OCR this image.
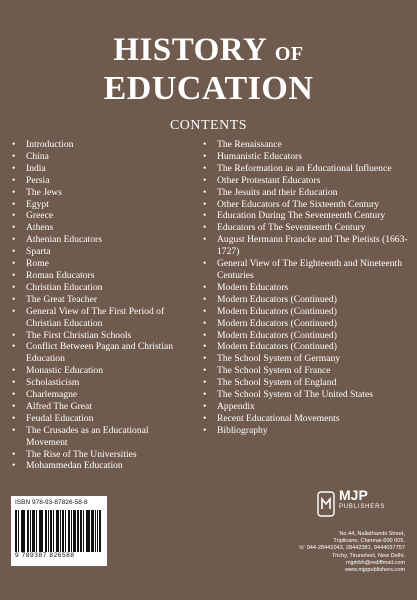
HISTORY OF
EDUCATION
CONTENTS
• Introduction
• China
• India
• Persia
• The Jews
• Egypt
• Greece
• Athens
• Athenian Educators
• Sparta
• Rome
• Roman Educators
• Christian Education
• The Great Teacher
• General View of The First Period of Christian Education
• The First Christian Schools
• Conflict Between Pagan and Christian Education
• Monastic Education
• Scholasticism
• Charlemagne
• Alfred The Great
• Feudal Education
• The Crusades as an Educational Movement
• The Rise of The Universities
• Mohammedan Education
• The Renaissance
• Humanistic Educators
• The Reformation as an Educational Influence
• Other Protestant Educators
• The Jesuits and their Education
• Other Educators of The Sixteenth Century
• Education During The Seventeenth Century
• Educators of The Seventeenth Century
• August Hermann Francke and The Pietists (1663-1727)
• General View of The Eighteenth and Nineteenth Centuries
• Modern Educators
• Modern Educators (Continued)
• Modern Educators (Continued)
• Modern Educators (Continued)
• Modern Educators (Continued)
• Modern Educators (Continued)
• The School System of Germany
• The School System of France
• The School System of England
• The School System of The United States
• Appendix
• Recent Educational Movements
• Bibliography
ISBN 978-93-87826-58-8
9 789387 826588
MJP
PUBLISHERS
No.44, Nallathambi Street,
Triplicane, Chennai-600 005.
☏ 044-28441043, 28442381, 9444037757
Trichy, Tirunelveli, New Delhi.
mjptrbh@rediffmail.com
www.mjppublishers.com
